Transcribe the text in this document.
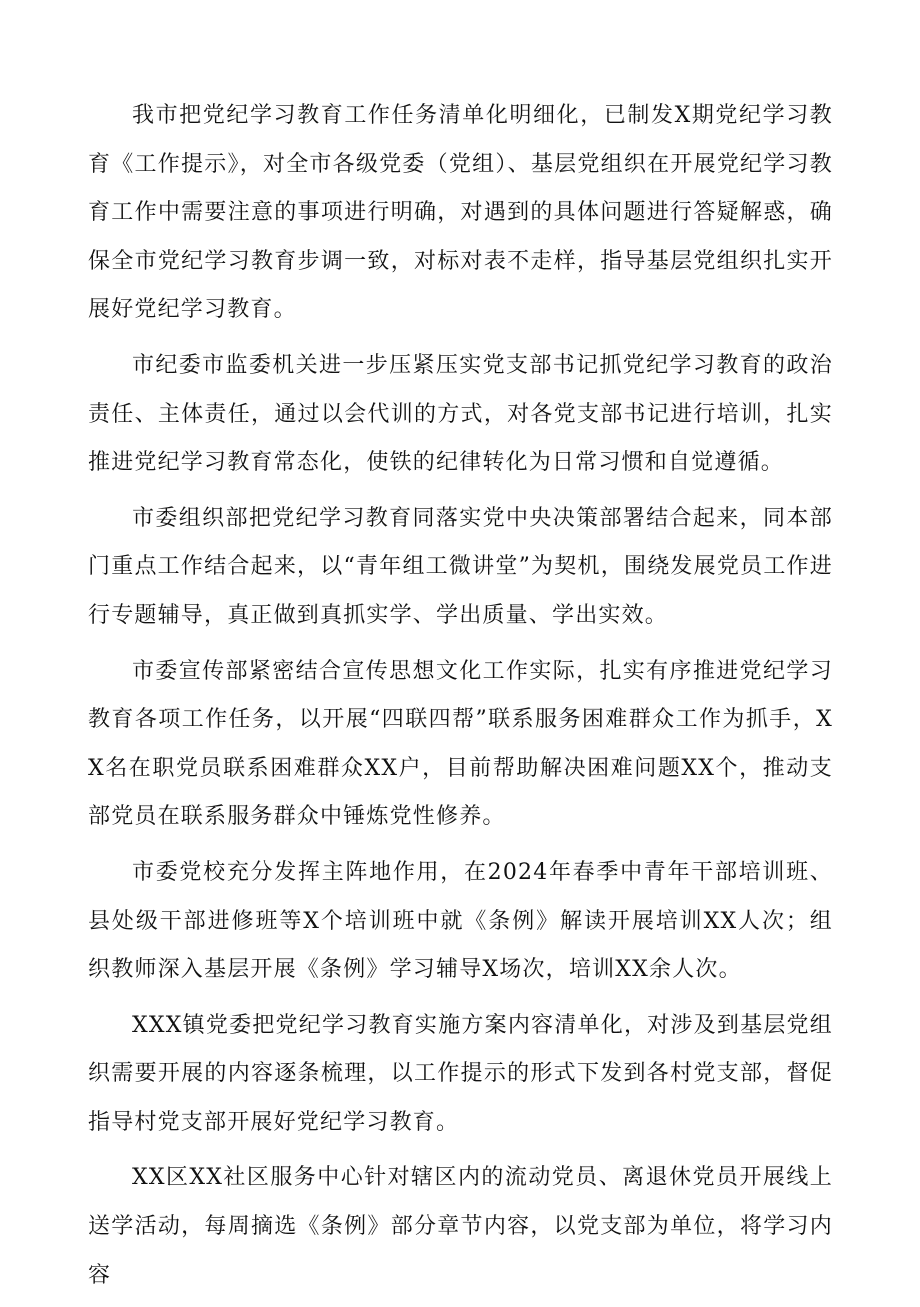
我市把党纪学习教育工作任务清单化明细化，已制发X期党纪学习教育《工作提示》，对全市各级党委（党组）、基层党组织在开展党纪学习教育工作中需要注意的事项进行明确，对遇到的具体问题进行答疑解惑，确保全市党纪学习教育步调一致，对标对表不走样，指导基层党组织扎实开展好党纪学习教育。

市纪委市监委机关进一步压紧压实党支部书记抓党纪学习教育的政治责任、主体责任，通过以会代训的方式，对各党支部书记进行培训，扎实推进党纪学习教育常态化，使铁的纪律转化为日常习惯和自觉遵循。

市委组织部把党纪学习教育同落实党中央决策部署结合起来，同本部门重点工作结合起来，以“青年组工微讲堂”为契机，围绕发展党员工作进行专题辅导，真正做到真抓实学、学出质量、学出实效。

市委宣传部紧密结合宣传思想文化工作实际，扎实有序推进党纪学习教育各项工作任务，以开展“四联四帮”联系服务困难群众工作为抓手，XX名在职党员联系困难群众XX户，目前帮助解决困难问题XX个，推动支部党员在联系服务群众中锤炼党性修养。

市委党校充分发挥主阵地作用，在2024年春季中青年干部培训班、县处级干部进修班等X个培训班中就《条例》解读开展培训XX人次；组织教师深入基层开展《条例》学习辅导X场次，培训XX余人次。

XXX镇党委把党纪学习教育实施方案内容清单化，对涉及到基层党组织需要开展的内容逐条梳理，以工作提示的形式下发到各村党支部，督促指导村党支部开展好党纪学习教育。

XX区XX社区服务中心针对辖区内的流动党员、离退休党员开展线上送学活动，每周摘选《条例》部分章节内容，以党支部为单位，将学习内容
